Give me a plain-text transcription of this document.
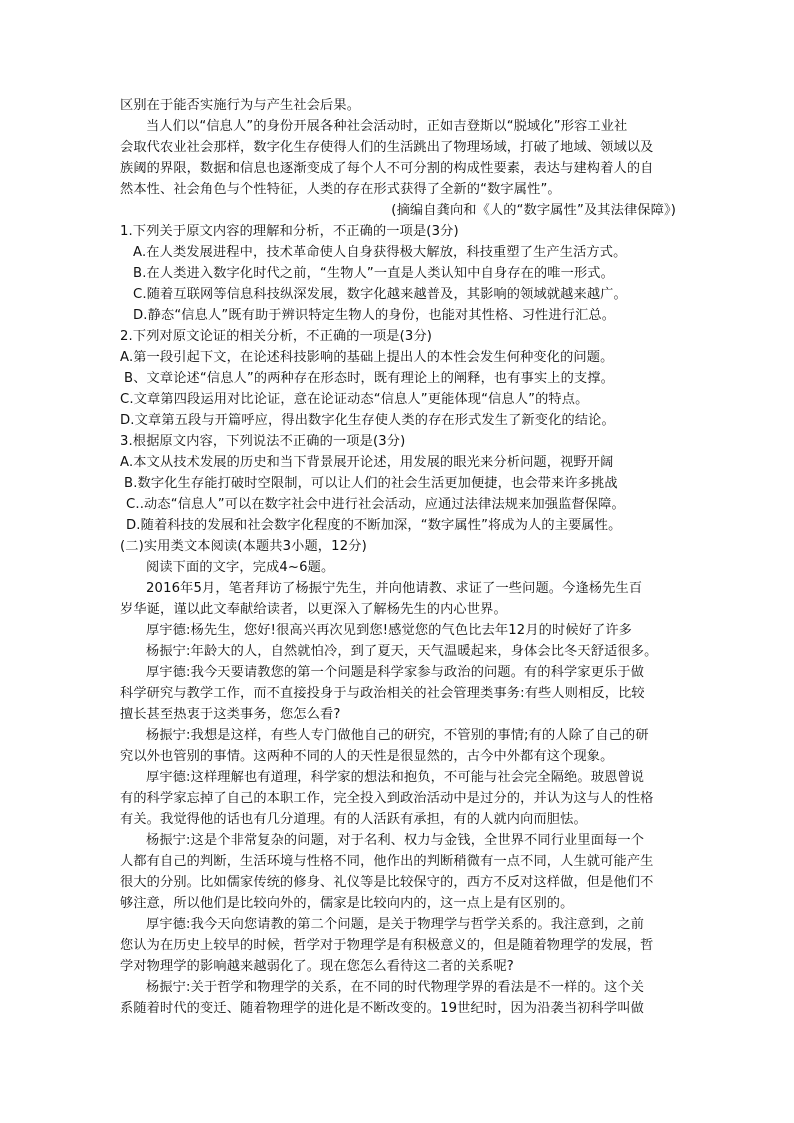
区别在于能否实施行为与产生社会后果。
当人们以“信息人”的身份开展各种社会活动时，正如吉登斯以“脱域化”形容工业社
会取代农业社会那样，数字化生存使得人们的生活跳出了物理场域，打破了地域、领域以及
族阈的界限，数据和信息也逐渐变成了每个人不可分割的构成性要素，表达与建构着人的自
然本性、社会角色与个性特征，人类的存在形式获得了全新的“数字属性”。
(摘编自龚向和《人的“数字属性”及其法律保障》)
1.下列关于原文内容的理解和分析，不正确的一项是(3分)
A.在人类发展进程中，技术革命使人自身获得极大解放，科技重塑了生产生活方式。
B.在人类进入数字化时代之前，“生物人”一直是人类认知中自身存在的唯一形式。
C.随着互联网等信息科技纵深发展，数字化越来越普及，其影响的领域就越来越广。
D.静态“信息人”既有助于辨识特定生物人的身份，也能对其性格、习性进行汇总。
2.下列对原文论证的相关分析，不正确的一项是(3分)
A.第一段引起下文，在论述科技影响的基础上提出人的本性会发生何种变化的问题。
B、文章论述“信息人”的两种存在形态时，既有理论上的阐释，也有事实上的支撑。
C.文章第四段运用对比论证，意在论证动态“信息人”更能体现“信息人”的特点。
D.文章第五段与开篇呼应，得出数字化生存使人类的存在形式发生了新变化的结论。
3.根据原文内容，下列说法不正确的一项是(3分)
A.本文从技术发展的历史和当下背景展开论述，用发展的眼光来分析问题，视野开阔
B.数字化生存能打破时空限制，可以让人们的社会生活更加便捷，也会带来许多挑战
C..动态“信息人”可以在数字社会中进行社会活动，应通过法律法规来加强监督保障。
D.随着科技的发展和社会数字化程度的不断加深，“数字属性”将成为人的主要属性。
(二)实用类文本阅读(本题共3小题，12分)
阅读下面的文字，完成4~6题。
2016年5月，笔者拜访了杨振宁先生，并向他请教、求证了一些问题。今逢杨先生百
岁华诞，谨以此文奉献给读者，以更深入了解杨先生的内心世界。
厚宇德:杨先生，您好!很高兴再次见到您!感觉您的气色比去年12月的时候好了许多
杨振宁:年龄大的人，自然就怕冷，到了夏天，天气温暖起来，身体会比冬天舒适很多。
厚宇德:我今天要请教您的第一个问题是科学家参与政治的问题。有的科学家更乐于做
科学研究与教学工作，而不直接投身于与政治相关的社会管理类事务:有些人则相反，比较
擅长甚至热衷于这类事务，您怎么看?
杨振宁:我想是这样，有些人专门做他自己的研究，不管别的事情;有的人除了自己的研
究以外也管别的事情。这两种不同的人的天性是很显然的，古今中外都有这个现象。
厚宇德:这样理解也有道理，科学家的想法和抱负，不可能与社会完全隔绝。玻恩曾说
有的科学家忘掉了自己的本职工作，完全投入到政治活动中是过分的，并认为这与人的性格
有关。我觉得他的话也有几分道理。有的人活跃有承担，有的人就内向而胆怯。
杨振宁:这是个非常复杂的问题，对于名利、权力与金钱，全世界不同行业里面每一个
人都有自己的判断，生活环境与性格不同，他作出的判断稍微有一点不同，人生就可能产生
很大的分别。比如儒家传统的修身、礼仪等是比较保守的，西方不反对这样做，但是他们不
够注意，所以他们是比较向外的，儒家是比较向内的，这一点上是有区别的。
厚宇德:我今天向您请教的第二个问题，是关于物理学与哲学关系的。我注意到，之前
您认为在历史上较早的时候，哲学对于物理学是有积极意义的，但是随着物理学的发展，哲
学对物理学的影响越来越弱化了。现在您怎么看待这二者的关系呢?
杨振宁:关于哲学和物理学的关系，在不同的时代物理学界的看法是不一样的。这个关
系随着时代的变迁、随着物理学的进化是不断改变的。19世纪时，因为沿袭当初科学叫做
